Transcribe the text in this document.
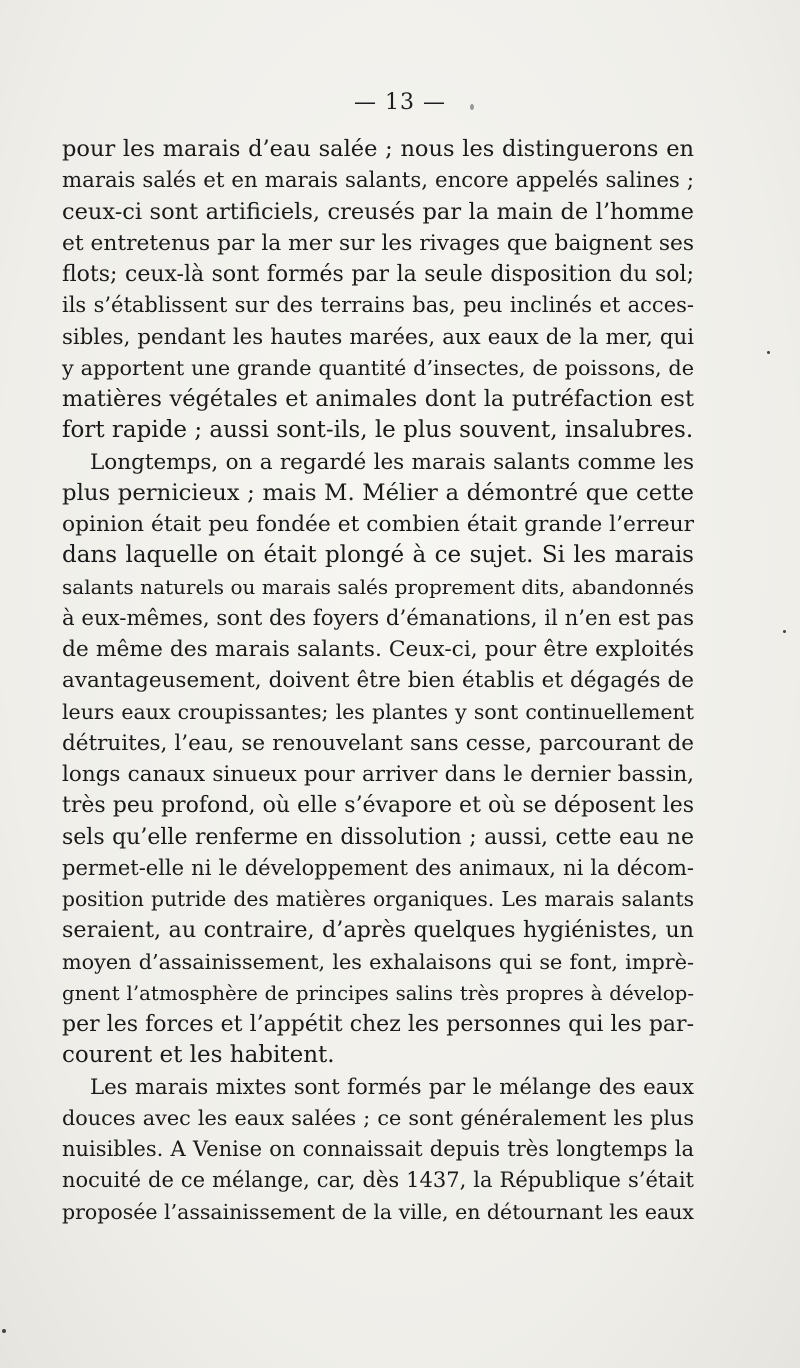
— 13 —
pour les marais d’eau salée ; nous les distinguerons en
marais salés et en marais salants, encore appelés salines ;
ceux-ci sont artificiels, creusés par la main de l’homme
et entretenus par la mer sur les rivages que baignent ses
flots; ceux-là sont formés par la seule disposition du sol;
ils s’établissent sur des terrains bas, peu inclinés et acces-
sibles, pendant les hautes marées, aux eaux de la mer, qui
y apportent une grande quantité d’insectes, de poissons, de
matières végétales et animales dont la putréfaction est
fort rapide ; aussi sont-ils, le plus souvent, insalubres.
Longtemps, on a regardé les marais salants comme les
plus pernicieux ; mais M. Mélier a démontré que cette
opinion était peu fondée et combien était grande l’erreur
dans laquelle on était plongé à ce sujet. Si les marais
salants naturels ou marais salés proprement dits, abandonnés
à eux-mêmes, sont des foyers d’émanations, il n’en est pas
de même des marais salants. Ceux-ci, pour être exploités
avantageusement, doivent être bien établis et dégagés de
leurs eaux croupissantes; les plantes y sont continuellement
détruites, l’eau, se renouvelant sans cesse, parcourant de
longs canaux sinueux pour arriver dans le dernier bassin,
très peu profond, où elle s’évapore et où se déposent les
sels qu’elle renferme en dissolution ; aussi, cette eau ne
permet-elle ni le développement des animaux, ni la décom-
position putride des matières organiques. Les marais salants
seraient, au contraire, d’après quelques hygiénistes, un
moyen d’assainissement, les exhalaisons qui se font, imprè-
gnent l’atmosphère de principes salins très propres à dévelop-
per les forces et l’appétit chez les personnes qui les par-
courent et les habitent.
Les marais mixtes sont formés par le mélange des eaux
douces avec les eaux salées ; ce sont généralement les plus
nuisibles. A Venise on connaissait depuis très longtemps la
nocuité de ce mélange, car, dès 1437, la République s’était
proposée l’assainissement de la ville, en détournant les eaux
